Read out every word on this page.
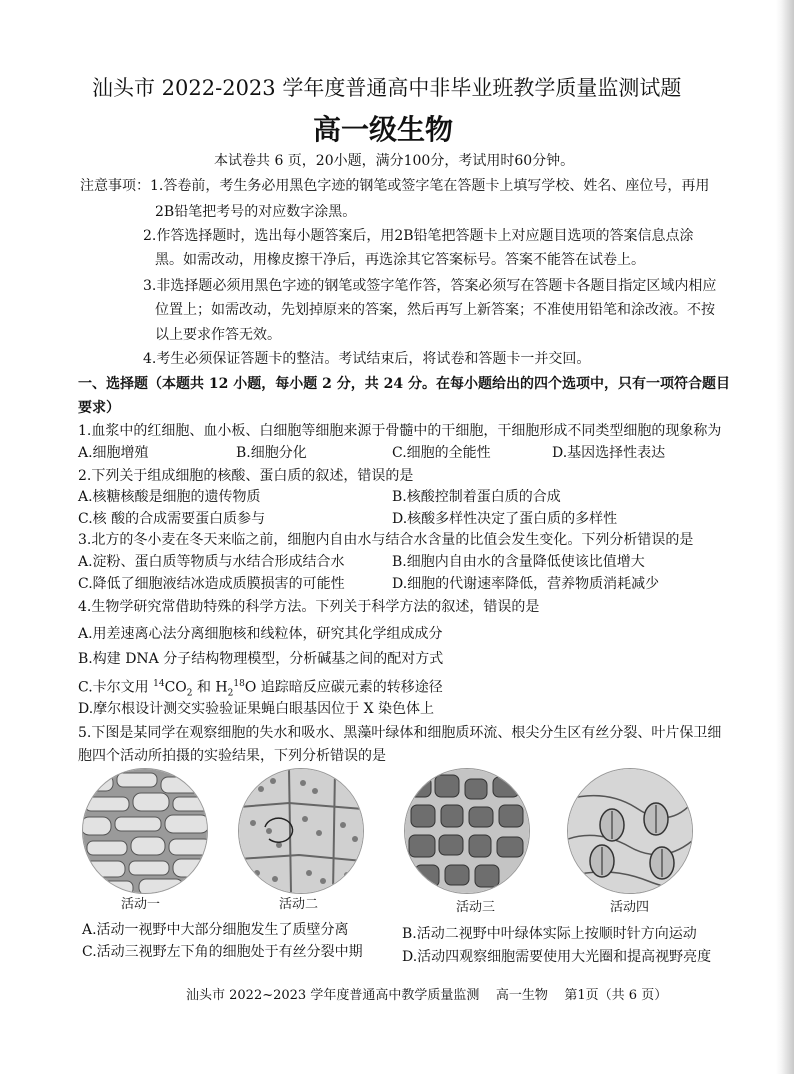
汕头市 2022-2023 学年度普通高中非毕业班教学质量监测试题
高一级生物
本试卷共 6 页，20小题，满分100分，考试用时60分钟。
注意事项： 1.答卷前，考生务必用黑色字迹的钢笔或签字笔在答题卡上填写学校、姓名、座位号，再用
2B铅笔把考号的对应数字涂黑。
2.作答选择题时，选出每小题答案后，用2B铅笔把答题卡上对应题目选项的答案信息点涂
黑。如需改动，用橡皮擦干净后，再选涂其它答案标号。答案不能答在试卷上。
3.非选择题必须用黑色字迹的钢笔或签字笔作答，答案必须写在答题卡各题目指定区域内相应
位置上；如需改动，先划掉原来的答案，然后再写上新答案；不准使用铅笔和涂改液。不按
以上要求作答无效。
4.考生必须保证答题卡的整洁。考试结束后，将试卷和答题卡一并交回。
一、选择题（本题共 12 小题，每小题 2 分，共 24 分。在每小题给出的四个选项中，只有一项符合题目
要求）
1.血浆中的红细胞、血小板、白细胞等细胞来源于骨髓中的干细胞，干细胞形成不同类型细胞的现象称为
A.细胞增殖	B.细胞分化	C.细胞的全能性	D.基因选择性表达
2.下列关于组成细胞的核酸、蛋白质的叙述，错误的是
A.核糖核酸是细胞的遗传物质	B.核酸控制着蛋白质的合成
C.核 酸的合成需要蛋白质参与	D.核酸多样性决定了蛋白质的多样性
3.北方的冬小麦在冬天来临之前，细胞内自由水与结合水含量的比值会发生变化。下列分析错误的是
A.淀粉、蛋白质等物质与水结合形成结合水	B.细胞内自由水的含量降低使该比值增大
C.降低了细胞液结冰造成质膜损害的可能性	D.细胞的代谢速率降低，营养物质消耗减少
4.生物学研究常借助特殊的科学方法。下列关于科学方法的叙述，错误的是
A.用差速离心法分离细胞核和线粒体，研究其化学组成成分
B.构建 DNA 分子结构物理模型，分析碱基之间的配对方式
C.卡尔文用 $^{14}CO_2$ 和 $H_2^{18}O$ 追踪暗反应碳元素的转移途径
D.摩尔根设计测交实验验证果蝇白眼基因位于 X 染色体上
5.下图是某同学在观察细胞的失水和吸水、黑藻叶绿体和细胞质环流、根尖分生区有丝分裂、叶片保卫细
胞四个活动所拍摄的实验结果，下列分析错误的是
活动一	活动二	活动三	活动四
A.活动一视野中大部分细胞发生了质壁分离	B.活动二视野中叶绿体实际上按顺时针方向运动
C.活动三视野左下角的细胞处于有丝分裂中期	D.活动四观察细胞需要使用大光圈和提高视野亮度
汕头市 2022~2023 学年度普通高中教学质量监测    高一生物    第1页（共 6 页）
